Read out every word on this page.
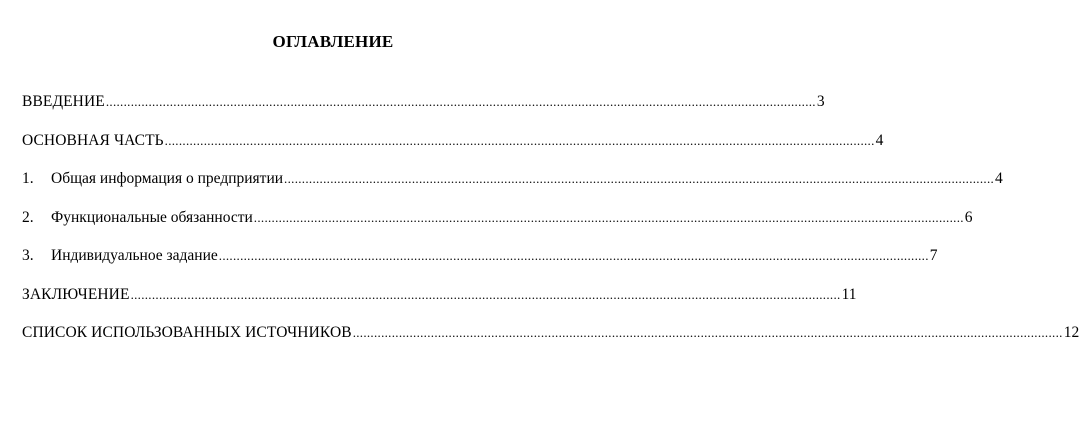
ОГЛАВЛЕНИЕ
ВВЕДЕНИЕ ........................................................................................................................................................................................................ 3
ОСНОВНАЯ ЧАСТЬ ........................................................................................................................................................................................................ 4
1.	Общая информация о предприятии ........................................................................................................................................................................................................ 4
2.	Функциональные обязанности ........................................................................................................................................................................................................ 6
3.	Индивидуальное задание ........................................................................................................................................................................................................ 7
ЗАКЛЮЧЕНИЕ ........................................................................................................................................................................................................ 11
СПИСОК ИСПОЛЬЗОВАННЫХ ИСТОЧНИКОВ ........................................................................................................................................................................................................ 12
